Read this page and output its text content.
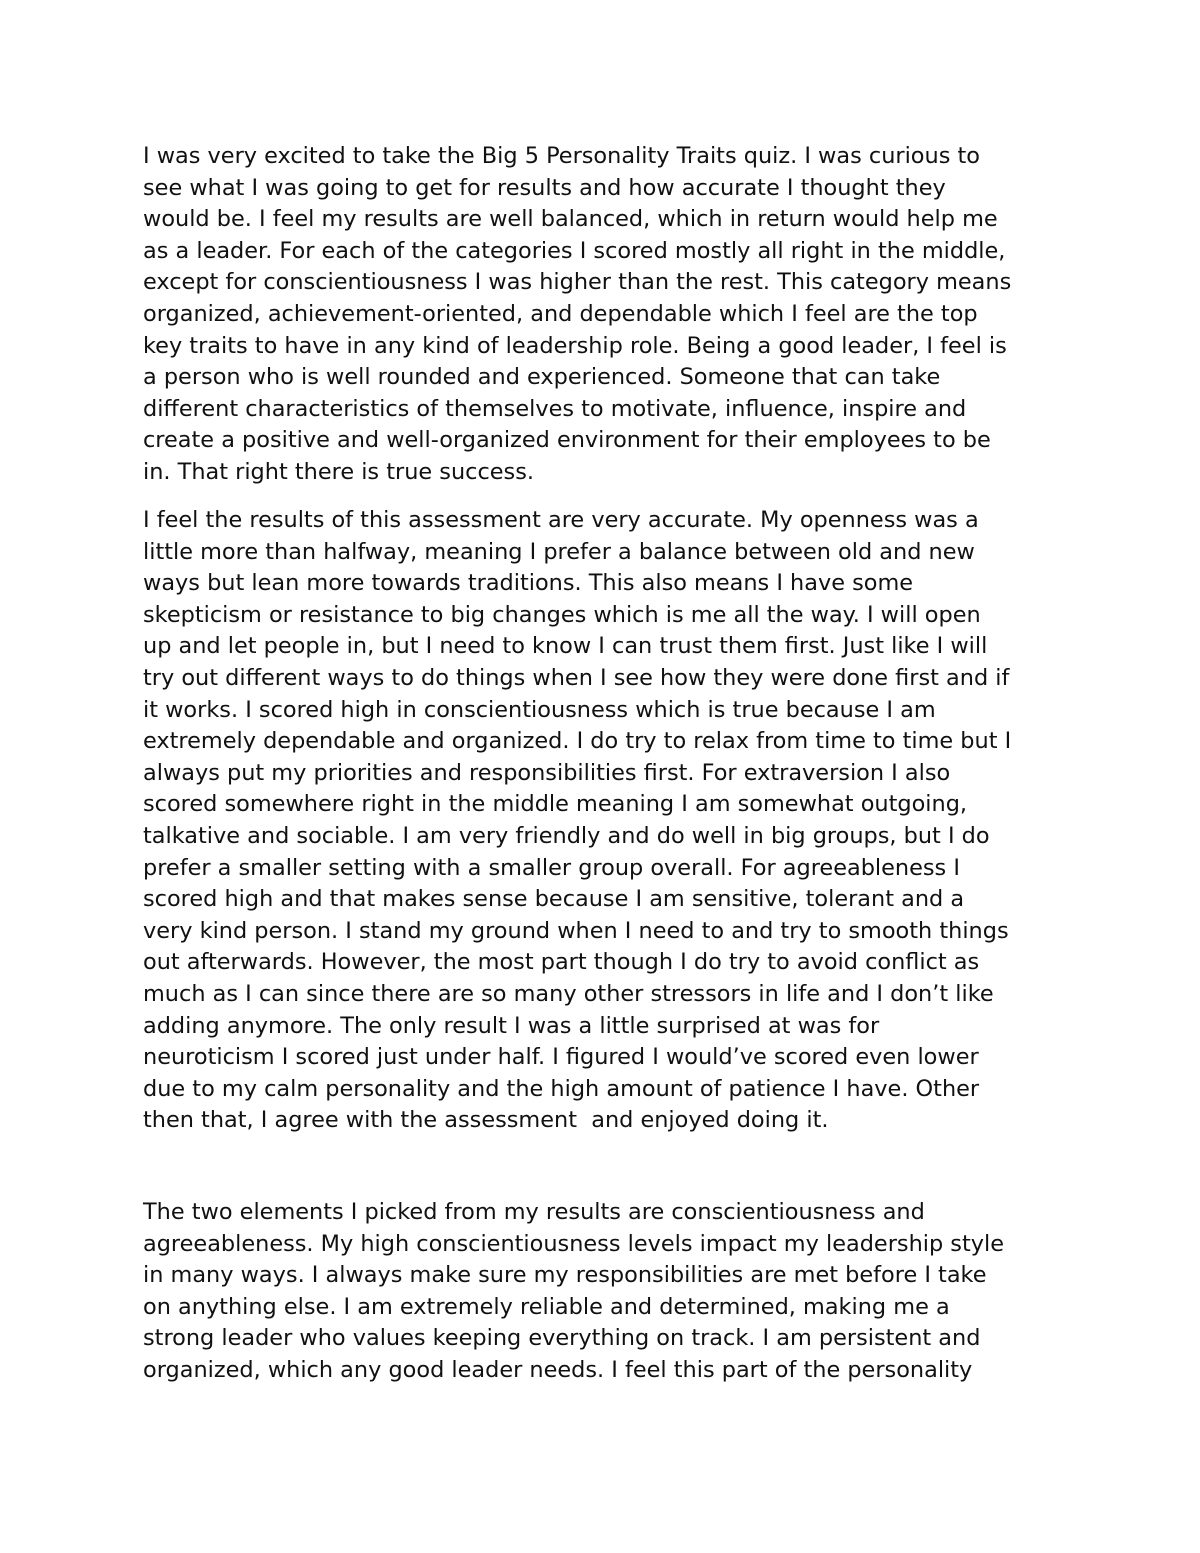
I was very excited to take the Big 5 Personality Traits quiz. I was curious to
see what I was going to get for results and how accurate I thought they
would be. I feel my results are well balanced, which in return would help me
as a leader. For each of the categories I scored mostly all right in the middle,
except for conscientiousness I was higher than the rest. This category means
organized, achievement-oriented, and dependable which I feel are the top
key traits to have in any kind of leadership role. Being a good leader, I feel is
a person who is well rounded and experienced. Someone that can take
different characteristics of themselves to motivate, influence, inspire and
create a positive and well-organized environment for their employees to be
in. That right there is true success.
I feel the results of this assessment are very accurate. My openness was a
little more than halfway, meaning I prefer a balance between old and new
ways but lean more towards traditions. This also means I have some
skepticism or resistance to big changes which is me all the way. I will open
up and let people in, but I need to know I can trust them first. Just like I will
try out different ways to do things when I see how they were done first and if
it works. I scored high in conscientiousness which is true because I am
extremely dependable and organized. I do try to relax from time to time but I
always put my priorities and responsibilities first. For extraversion I also
scored somewhere right in the middle meaning I am somewhat outgoing,
talkative and sociable. I am very friendly and do well in big groups, but I do
prefer a smaller setting with a smaller group overall. For agreeableness I
scored high and that makes sense because I am sensitive, tolerant and a
very kind person. I stand my ground when I need to and try to smooth things
out afterwards. However, the most part though I do try to avoid conflict as
much as I can since there are so many other stressors in life and I don’t like
adding anymore. The only result I was a little surprised at was for
neuroticism I scored just under half. I figured I would’ve scored even lower
due to my calm personality and the high amount of patience I have. Other
then that, I agree with the assessment  and enjoyed doing it.
The two elements I picked from my results are conscientiousness and
agreeableness. My high conscientiousness levels impact my leadership style
in many ways. I always make sure my responsibilities are met before I take
on anything else. I am extremely reliable and determined, making me a
strong leader who values keeping everything on track. I am persistent and
organized, which any good leader needs. I feel this part of the personality
